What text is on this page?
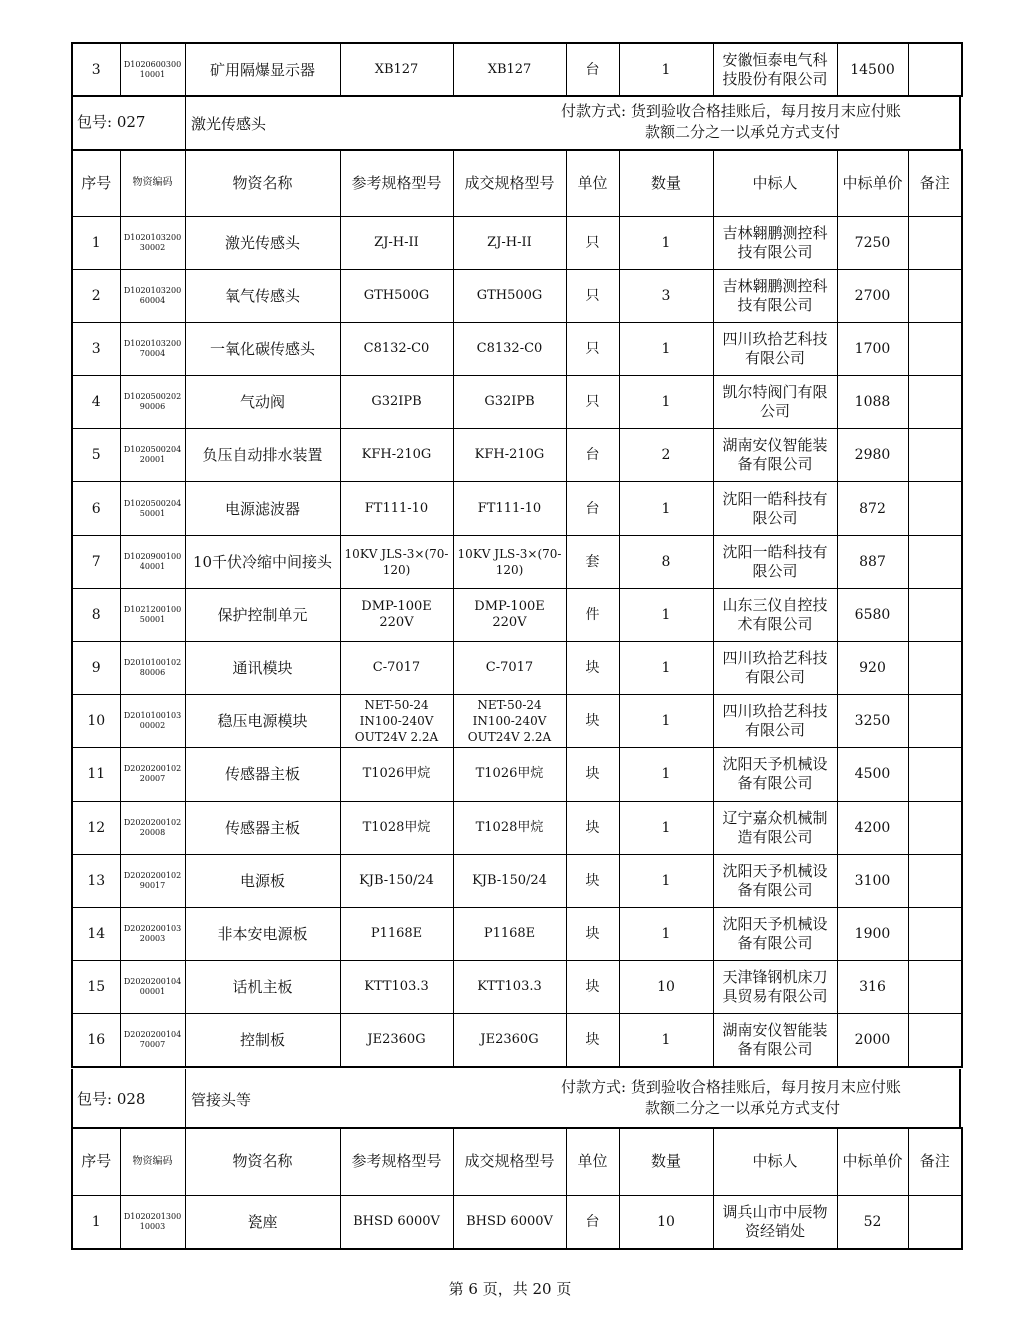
3	D102060030010001	矿用隔爆显示器	XB127	XB127	台	1	安徽恒泰电气科技股份有限公司	14500	
包号: 027	激光传感头
付款方式: 货到验收合格挂账后，每月按月末应付账
款额二分之一以承兑方式支付
序号	物资编码	物资名称	参考规格型号	成交规格型号	单位	数量	中标人	中标单价	备注
1	D102010320030002	激光传感头	ZJ-H-II	ZJ-H-II	只	1	吉林翱鹏测控科技有限公司	7250	
2	D102010320060004	氧气传感头	GTH500G	GTH500G	只	3	吉林翱鹏测控科技有限公司	2700	
3	D102010320070004	一氧化碳传感头	C8132-C0	C8132-C0	只	1	四川玖拾艺科技有限公司	1700	
4	D102050020290006	气动阀	G32IPB	G32IPB	只	1	凯尔特阀门有限公司	1088	
5	D102050020420001	负压自动排水装置	KFH-210G	KFH-210G	台	2	湖南安仪智能装备有限公司	2980	
6	D102050020450001	电源滤波器	FT111-10	FT111-10	台	1	沈阳一皓科技有限公司	872	
7	D102090010040001	10千伏冷缩中间接头	10KV JLS-3×(70-120)	10KV JLS-3×(70-120)	套	8	沈阳一皓科技有限公司	887	
8	D102120010050001	保护控制单元	DMP-100E 220V	DMP-100E 220V	件	1	山东三仪自控技术有限公司	6580	
9	D201010010280006	通讯模块	C-7017	C-7017	块	1	四川玖拾艺科技有限公司	920	
10	D201010010300002	稳压电源模块	NET-50-24 IN100-240V OUT24V 2.2A	NET-50-24 IN100-240V OUT24V 2.2A	块	1	四川玖拾艺科技有限公司	3250	
11	D202020010220007	传感器主板	T1026甲烷	T1026甲烷	块	1	沈阳天予机械设备有限公司	4500	
12	D202020010220008	传感器主板	T1028甲烷	T1028甲烷	块	1	辽宁嘉众机械制造有限公司	4200	
13	D202020010290017	电源板	KJB-150/24	KJB-150/24	块	1	沈阳天予机械设备有限公司	3100	
14	D202020010320003	非本安电源板	P1168E	P1168E	块	1	沈阳天予机械设备有限公司	1900	
15	D202020010400001	话机主板	KTT103.3	KTT103.3	块	10	天津锋钢机床刀具贸易有限公司	316	
16	D202020010470007	控制板	JE2360G	JE2360G	块	1	湖南安仪智能装备有限公司	2000	
包号: 028	管接头等
付款方式: 货到验收合格挂账后，每月按月末应付账
款额二分之一以承兑方式支付
序号	物资编码	物资名称	参考规格型号	成交规格型号	单位	数量	中标人	中标单价	备注
1	D102020130010003	瓷座	BHSD 6000V	BHSD 6000V	台	10	调兵山市中辰物资经销处	52	
第 6 页，共 20 页
